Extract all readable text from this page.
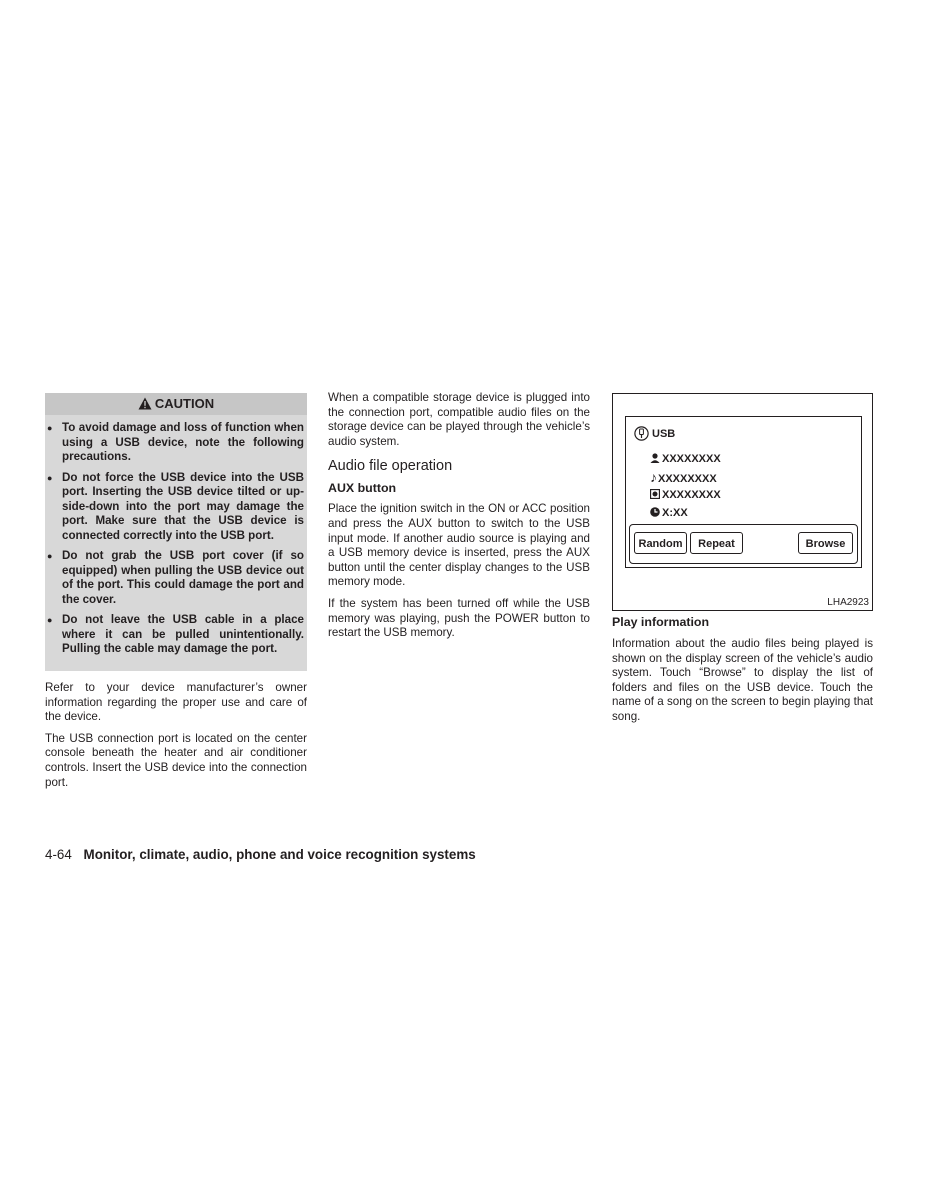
CAUTION
● To avoid damage and loss of function when using a USB device, note the following precautions.
● Do not force the USB device into the USB port. Inserting the USB device tilted or up-side-down into the port may damage the port. Make sure that the USB device is connected correctly into the USB port.
● Do not grab the USB port cover (if so equipped) when pulling the USB device out of the port. This could damage the port and the cover.
● Do not leave the USB cable in a place where it can be pulled unintentionally. Pulling the cable may damage the port.

Refer to your device manufacturer’s owner information regarding the proper use and care of the device.

The USB connection port is located on the center console beneath the heater and air conditioner controls. Insert the USB device into the connection port.

When a compatible storage device is plugged into the connection port, compatible audio files on the storage device can be played through the vehicle’s audio system.

Audio file operation
AUX button

Place the ignition switch in the ON or ACC position and press the AUX button to switch to the USB input mode. If another audio source is playing and a USB memory device is inserted, press the AUX button until the center display changes to the USB memory mode.

If the system has been turned off while the USB memory was playing, push the POWER button to restart the USB memory.

USB
XXXXXXXX
♪XXXXXXXX
XXXXXXXX
X:XX
Random	Repeat	Browse
LHA2923
Play information

Information about the audio files being played is shown on the display screen of the vehicle’s audio system. Touch “Browse” to display the list of folders and files on the USB device. Touch the name of a song on the screen to begin playing that song.

4-64 Monitor, climate, audio, phone and voice recognition systems
